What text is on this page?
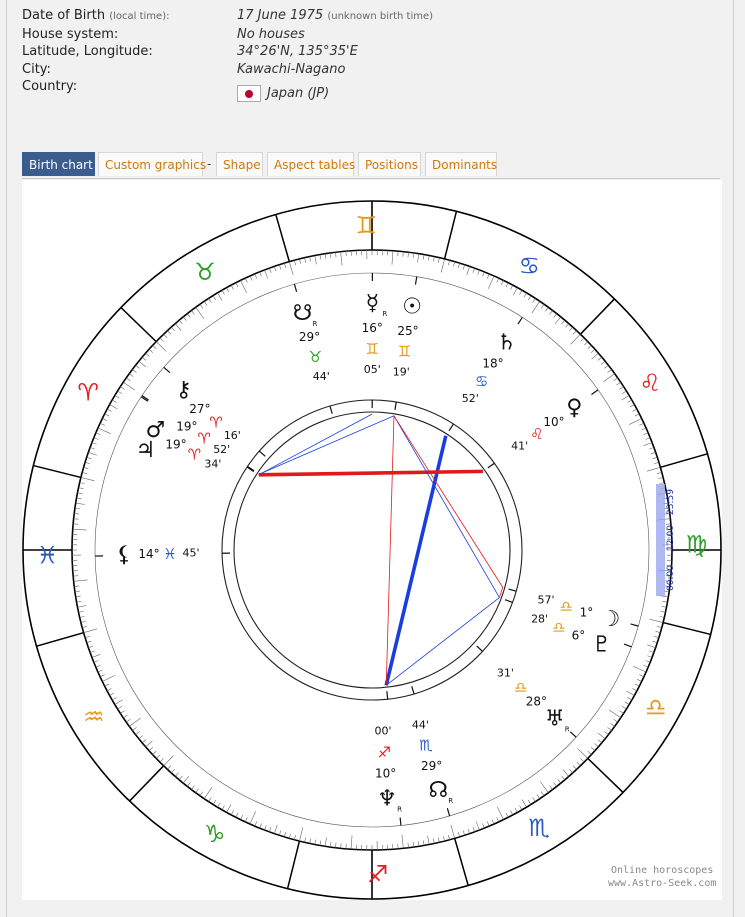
Date of Birth (local time):	17 June 1975 (unknown birth time)
House system:	No houses
Latitude, Longitude:	34°26'N, 135°35'E
City:	Kawachi-Nagano
Country:	Japan (JP)
Birth chart	Custom graphics - Shape	Aspect tables Positions	Dominants
♈
♉
♊
♋
♌
♍
♎
♏
♐
♑
♒
♓
☉
25°
♊
19'
☽
1°
♎
57'
☿ R
16°
♊
05'
♀
10°
♌
41'
♂ 19°
♈
52'
♃ 19°
♈
34'
♄
18°
♋
52'
♅ R
28°
♎
31'
♆ R
10°
♐
00'
♇
6°
♎
28'
☊ R
29°
♏
44'
☋ R
29°
♉
44'
⚷
27°
♈
16'
⚸ 14° ♓ 45'
23:59
12:00
00:00
Online horoscopes
www.Astro-Seek.com
